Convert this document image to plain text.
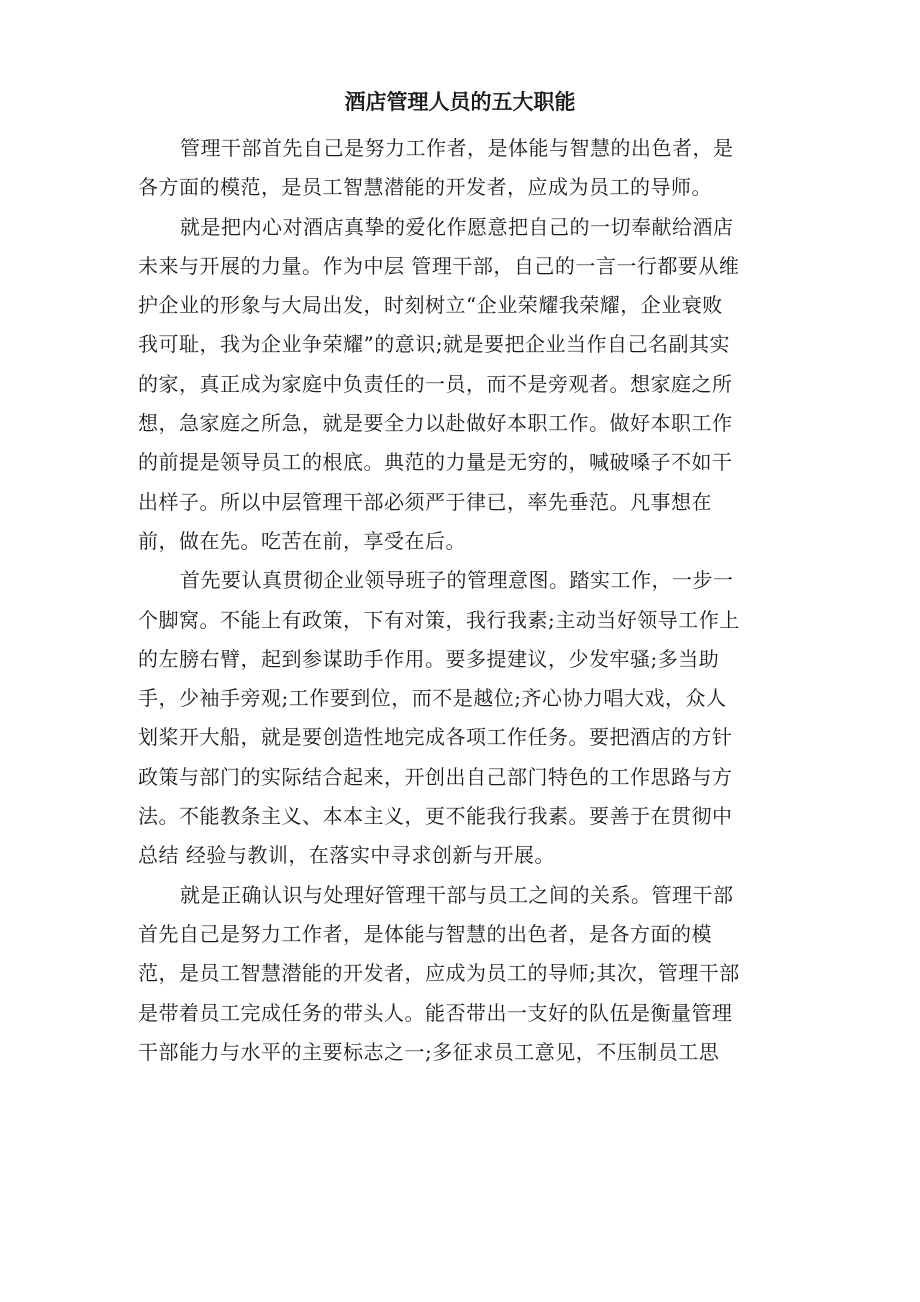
酒店管理人员的五大职能
管理干部首先自己是努力工作者，是体能与智慧的出色者，是
各方面的模范，是员工智慧潜能的开发者，应成为员工的导师。
就是把内心对酒店真挚的爱化作愿意把自己的一切奉献给酒店
未来与开展的力量。作为中层 管理干部，自己的一言一行都要从维
护企业的形象与大局出发，时刻树立“企业荣耀我荣耀，企业衰败
我可耻，我为企业争荣耀”的意识;就是要把企业当作自己名副其实
的家，真正成为家庭中负责任的一员，而不是旁观者。想家庭之所
想，急家庭之所急，就是要全力以赴做好本职工作。做好本职工作
的前提是领导员工的根底。典范的力量是无穷的，喊破嗓子不如干
出样子。所以中层管理干部必须严于律已，率先垂范。凡事想在
前，做在先。吃苦在前，享受在后。
首先要认真贯彻企业领导班子的管理意图。踏实工作，一步一
个脚窝。不能上有政策，下有对策，我行我素;主动当好领导工作上
的左膀右臂，起到参谋助手作用。要多提建议，少发牢骚;多当助
手，少袖手旁观;工作要到位，而不是越位;齐心协力唱大戏，众人
划桨开大船，就是要创造性地完成各项工作任务。要把酒店的方针
政策与部门的实际结合起来，开创出自己部门特色的工作思路与方
法。不能教条主义、本本主义，更不能我行我素。要善于在贯彻中
总结 经验与教训，在落实中寻求创新与开展。
就是正确认识与处理好管理干部与员工之间的关系。管理干部
首先自己是努力工作者，是体能与智慧的出色者，是各方面的模
范，是员工智慧潜能的开发者，应成为员工的导师;其次，管理干部
是带着员工完成任务的带头人。能否带出一支好的队伍是衡量管理
干部能力与水平的主要标志之一;多征求员工意见，不压制员工思
